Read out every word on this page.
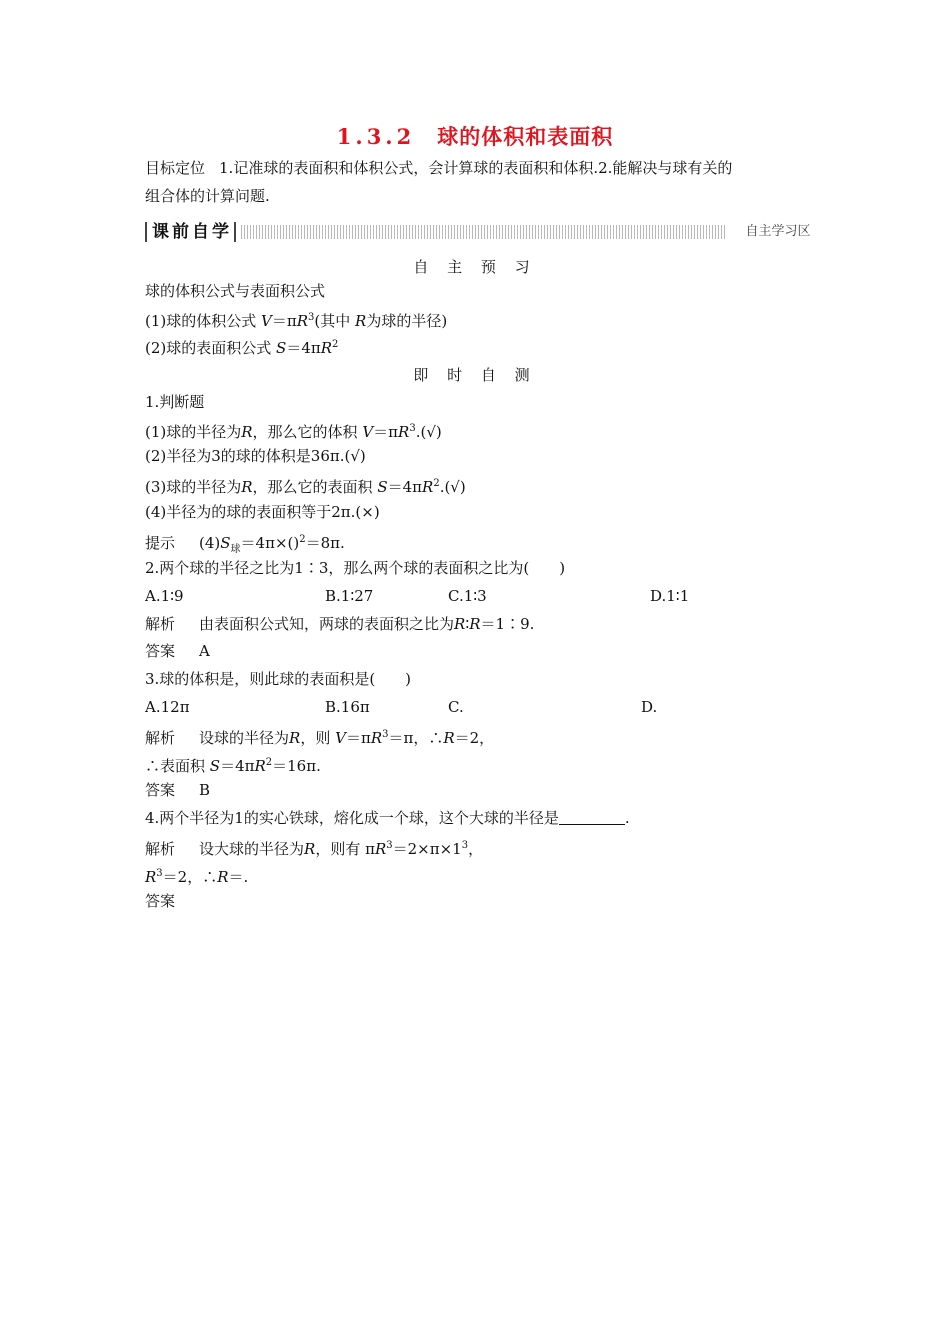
1.3.2 球的体积和表面积
目标定位 1.记准球的表面积和体积公式，会计算球的表面积和体积.2.能解决与球有关的
组合体的计算问题.
课前自学	自主学习区
自 主 预 习
球的体积公式与表面积公式
(1)球的体积公式 $V=\pi R^3$(其中 R为球的半径)
(2)球的表面积公式 $S=4\pi R^2$
即 时 自 测
1.判断题
(1)球的半径为R，那么它的体积 $V=\pi R^3.(√)$
(2)半径为3的球的体积是36π.(√)
(3)球的半径为R，那么它的表面积 $S=4\pi R^2.(√)$
(4)半径为的球的表面积等于2π.(×)
提示 $(4)S_球=4\pi\times()^2=8\pi$.
2.两个球的半径之比为1∶3，那么两个球的表面积之比为(　　)
A.1∶9	B.1∶27	C.1∶3	D.1∶1
解析 由表面积公式知，两球的表面积之比为R∶R＝1∶9.
答案 A
3.球的体积是，则此球的表面积是(　　)
A.12π	B.16π	C.	D.
解析 设球的半径为R，则 $V=\pi R^3=\pi$，∴R＝2，
∴表面积 $S=4\pi R^2=16\pi$.
答案 B
4.两个半径为1的实心铁球，熔化成一个球，这个大球的半径是	.
解析 设大球的半径为R，则有 $\pi R^3=2\times\pi\times 1^3$，
$R^3=2$，∴R＝.
答案
